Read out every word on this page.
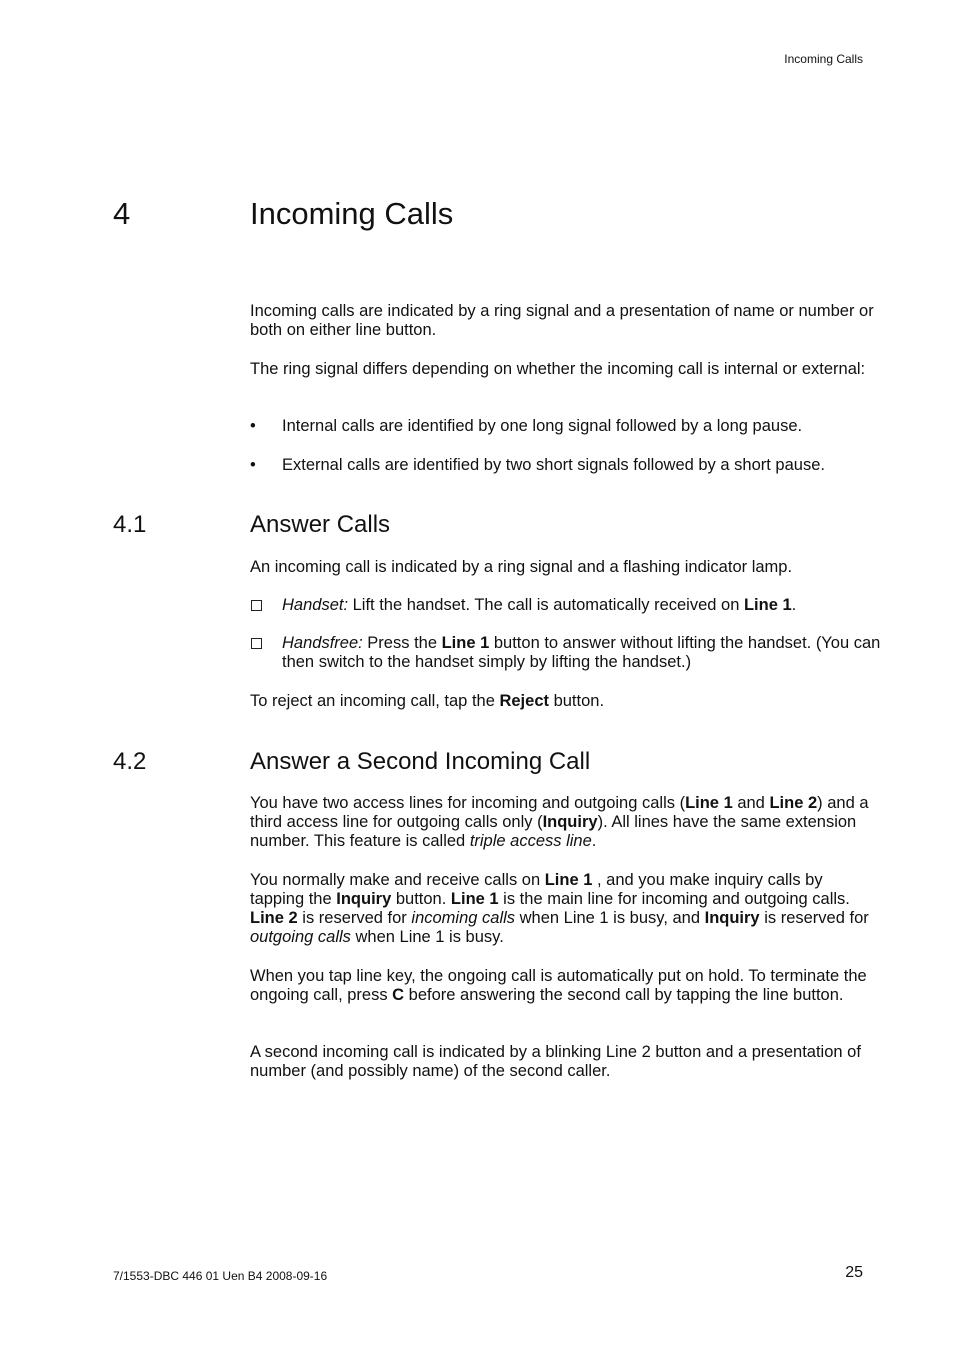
Incoming Calls
4	Incoming Calls
Incoming calls are indicated by a ring signal and a presentation of name or number or both on either line button.
The ring signal differs depending on whether the incoming call is internal or external:
• Internal calls are identified by one long signal followed by a long pause.
• External calls are identified by two short signals followed by a short pause.
4.1	Answer Calls
An incoming call is indicated by a ring signal and a flashing indicator lamp.
Handset: Lift the handset. The call is automatically received on Line 1.
Handsfree: Press the Line 1 button to answer without lifting the handset. (You can then switch to the handset simply by lifting the handset.)
To reject an incoming call, tap the Reject button.
4.2	Answer a Second Incoming Call
You have two access lines for incoming and outgoing calls (Line 1 and Line 2) and a third access line for outgoing calls only (Inquiry). All lines have the same extension number. This feature is called triple access line.
You normally make and receive calls on Line 1 , and you make inquiry calls by tapping the Inquiry button. Line 1 is the main line for incoming and outgoing calls. Line 2 is reserved for incoming calls when Line 1 is busy, and Inquiry is reserved for outgoing calls when Line 1 is busy.
When you tap line key, the ongoing call is automatically put on hold. To terminate the ongoing call, press C before answering the second call by tapping the line button.
A second incoming call is indicated by a blinking Line 2 button and a presentation of number (and possibly name) of the second caller.
7/1553-DBC 446 01 Uen B4 2008-09-16	25
